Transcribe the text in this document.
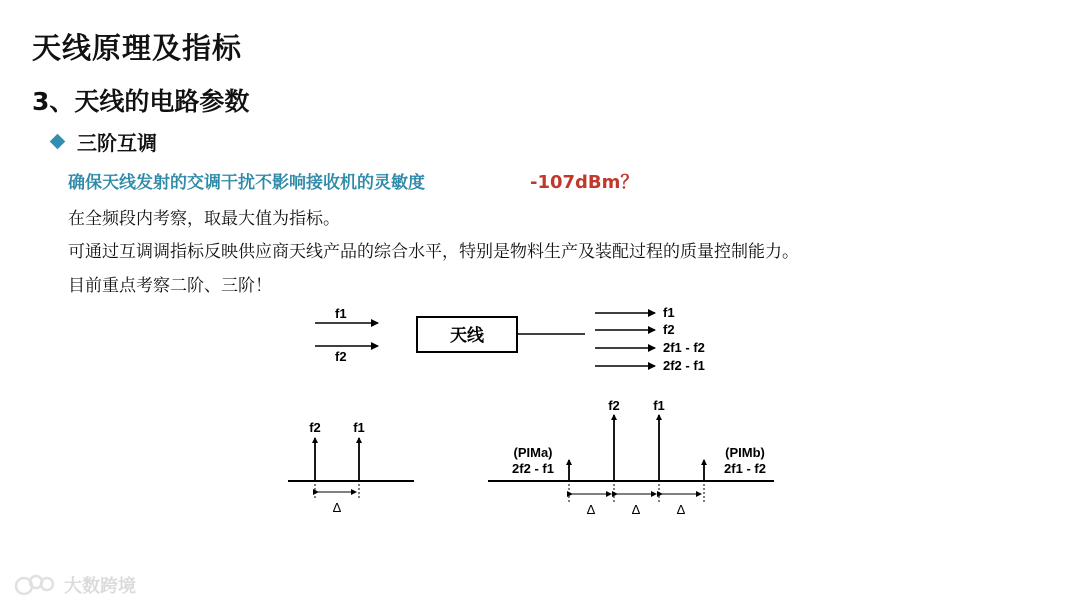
天线原理及指标
3、天线的电路参数
三阶互调
确保天线发射的交调干扰不影响接收机的灵敏度	-107dBm？
在全频段内考察，取最大值为指标。
可通过互调调指标反映供应商天线产品的综合水平，特别是物料生产及装配过程的质量控制能力。
目前重点考察二阶、三阶！
f1
f2
天线
f1
f2
2f1 - f2
2f2 - f1
f2 f1
Δ
f2	f1
(PIMa)
2f2 - f1
(PIMb)
2f1 - f2
Δ	Δ	Δ
大数跨境
